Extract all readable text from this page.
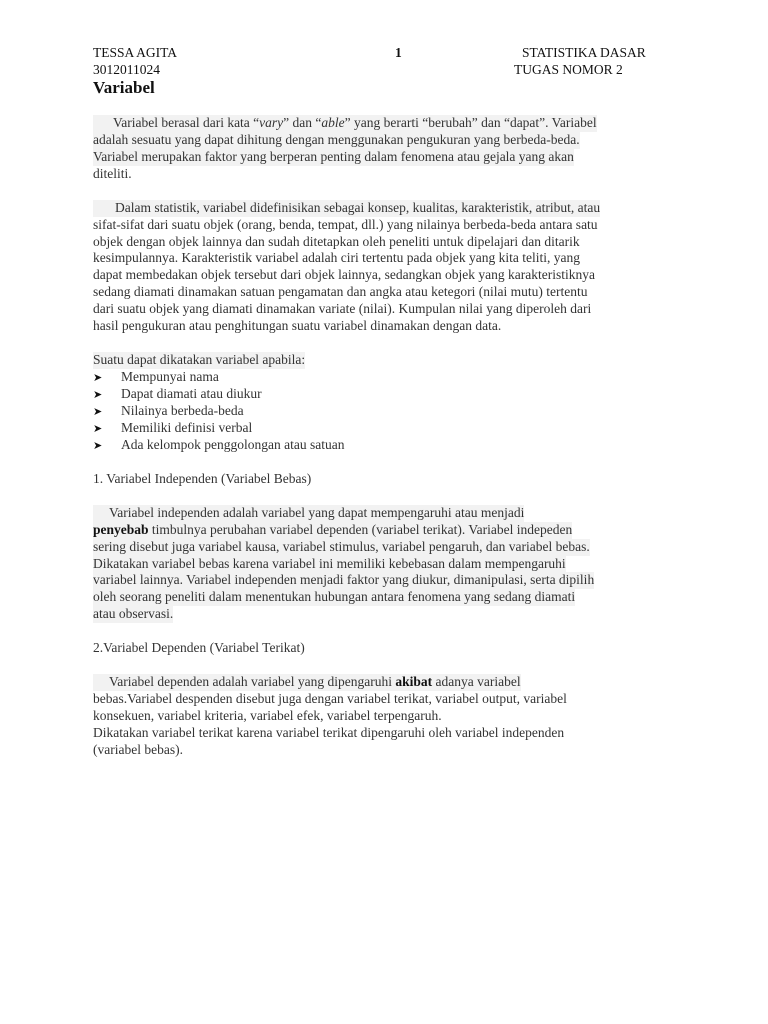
TESSA AGITA
3012011024
1	STATISTIKA DASAR
TUGAS NOMOR 2
Variabel
Variabel berasal dari kata “vary” dan “able” yang berarti “berubah” dan “dapat”. Variabel
adalah sesuatu yang dapat dihitung dengan menggunakan pengukuran yang berbeda-beda.
Variabel merupakan faktor yang berperan penting dalam fenomena atau gejala yang akan
diteliti.
Dalam statistik, variabel didefinisikan sebagai konsep, kualitas, karakteristik, atribut, atau
sifat-sifat dari suatu objek (orang, benda, tempat, dll.) yang nilainya berbeda-beda antara satu
objek dengan objek lainnya dan sudah ditetapkan oleh peneliti untuk dipelajari dan ditarik
kesimpulannya. Karakteristik variabel adalah ciri tertentu pada objek yang kita teliti, yang
dapat membedakan objek tersebut dari objek lainnya, sedangkan objek yang karakteristiknya
sedang diamati dinamakan satuan pengamatan dan angka atau ketegori (nilai mutu) tertentu
dari suatu objek yang diamati dinamakan variate (nilai). Kumpulan nilai yang diperoleh dari
hasil pengukuran atau penghitungan suatu variabel dinamakan dengan data.
Suatu dapat dikatakan variabel apabila:
➤ Mempunyai nama
➤ Dapat diamati atau diukur
➤ Nilainya berbeda-beda
➤ Memiliki definisi verbal
➤ Ada kelompok penggolongan atau satuan
1. Variabel Independen (Variabel Bebas)
Variabel independen adalah variabel yang dapat mempengaruhi atau menjadi
penyebab timbulnya perubahan variabel dependen (variabel terikat). Variabel indepeden
sering disebut juga variabel kausa, variabel stimulus, variabel pengaruh, dan variabel bebas.
Dikatakan variabel bebas karena variabel ini memiliki kebebasan dalam mempengaruhi
variabel lainnya. Variabel independen menjadi faktor yang diukur, dimanipulasi, serta dipilih
oleh seorang peneliti dalam menentukan hubungan antara fenomena yang sedang diamati
atau observasi.
2.Variabel Dependen (Variabel Terikat)
Variabel dependen adalah variabel yang dipengaruhi akibat adanya variabel
bebas.Variabel despenden disebut juga dengan variabel terikat, variabel output, variabel
konsekuen, variabel kriteria, variabel efek, variabel terpengaruh.
Dikatakan variabel terikat karena variabel terikat dipengaruhi oleh variabel independen
(variabel bebas).
